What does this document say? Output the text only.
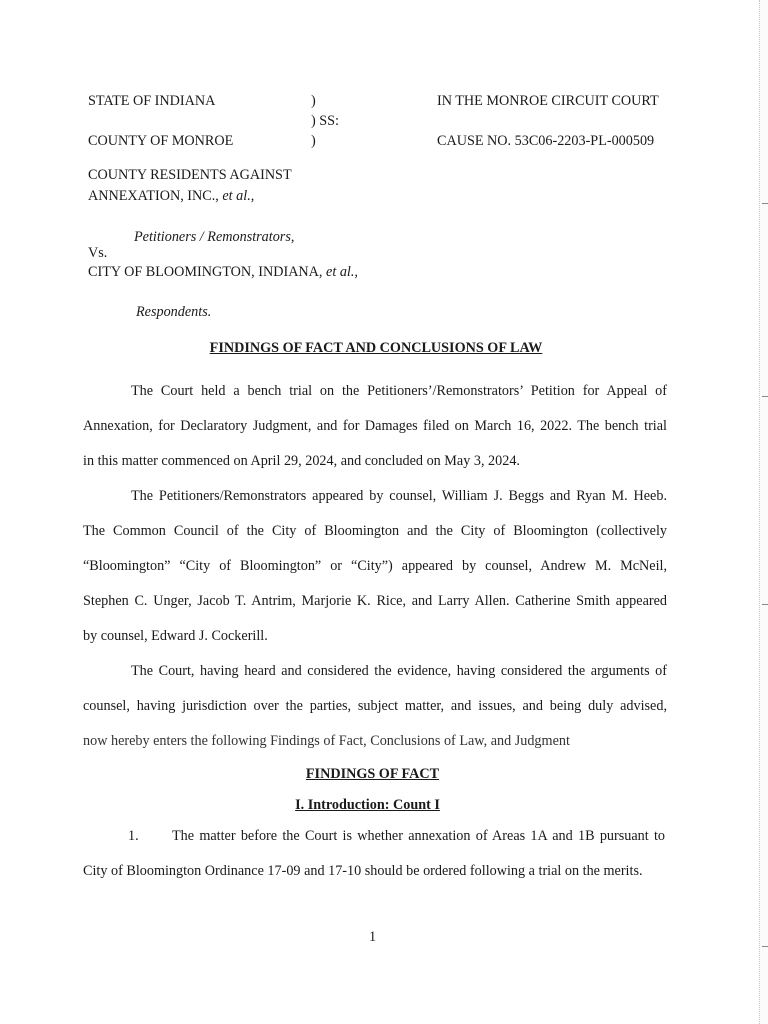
STATE OF INDIANA
COUNTY OF MONROE
)
) SS:
)
IN THE MONROE CIRCUIT COURT
CAUSE NO. 53C06-2203-PL-000509
COUNTY RESIDENTS AGAINST
ANNEXATION, INC., et al.,
Petitioners / Remonstrators,
Vs.
CITY OF BLOOMINGTON, INDIANA, et al.,
Respondents.
FINDINGS OF FACT AND CONCLUSIONS OF LAW
The Court held a bench trial on the Petitioners’/Remonstrators’ Petition for Appeal of
Annexation, for Declaratory Judgment, and for Damages filed on March 16, 2022. The bench trial
in this matter commenced on April 29, 2024, and concluded on May 3, 2024.
The Petitioners/Remonstrators appeared by counsel, William J. Beggs and Ryan M. Heeb.
The Common Council of the City of Bloomington and the City of Bloomington (collectively
“Bloomington” “City of Bloomington” or “City”) appeared by counsel, Andrew M. McNeil,
Stephen C. Unger, Jacob T. Antrim, Marjorie K. Rice, and Larry Allen. Catherine Smith appeared
by counsel, Edward J. Cockerill.
The Court, having heard and considered the evidence, having considered the arguments of
counsel, having jurisdiction over the parties, subject matter, and issues, and being duly advised,
now hereby enters the following Findings of Fact, Conclusions of Law, and Judgment
FINDINGS OF FACT
I. Introduction: Count I
1. The matter before the Court is whether annexation of Areas 1A and 1B pursuant to
City of Bloomington Ordinance 17-09 and 17-10 should be ordered following a trial on the merits.
1
